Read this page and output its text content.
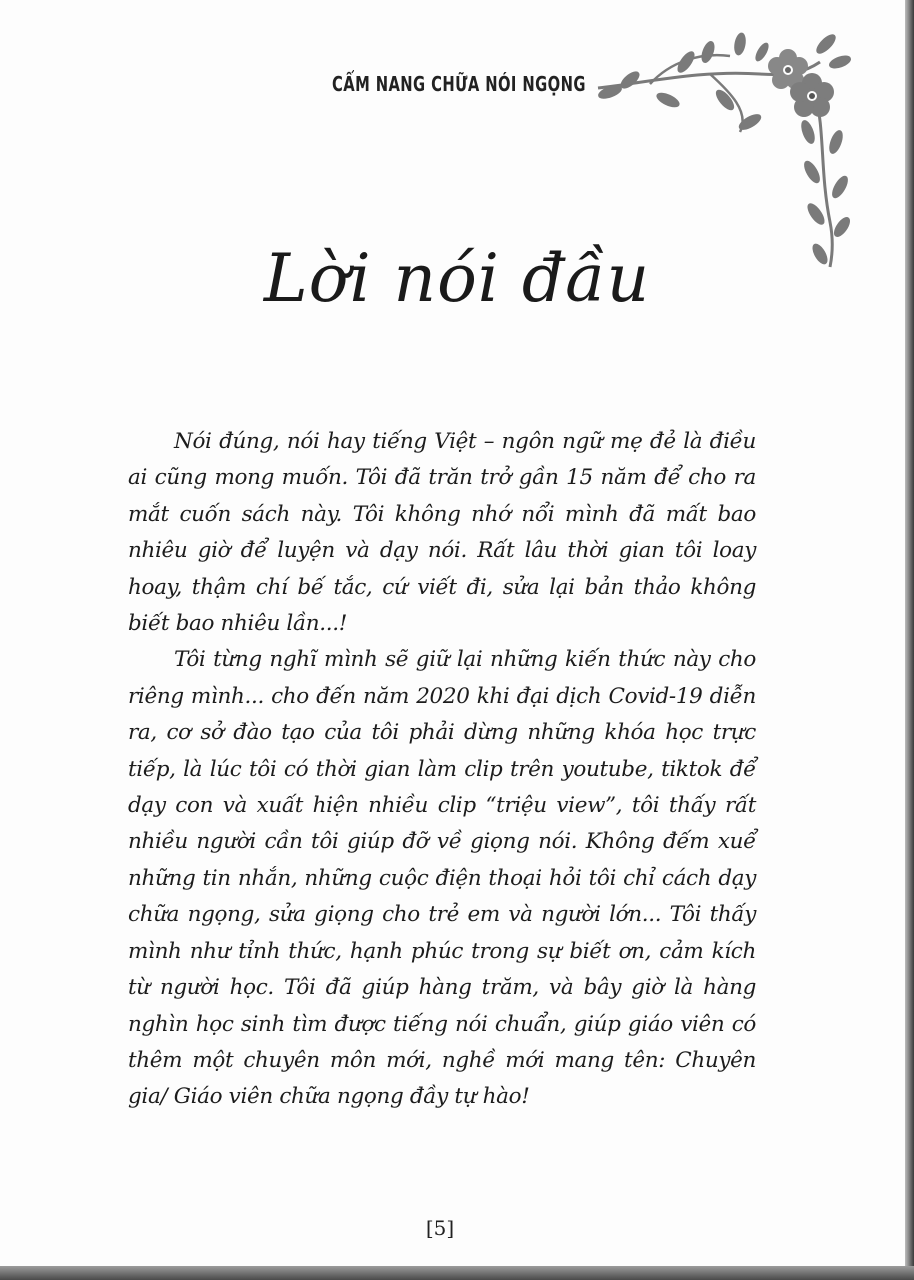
CẨM NANG CHỮA NÓI NGỌNG
Lời nói đầu

Nói đúng, nói hay tiếng Việt – ngôn ngữ mẹ đẻ là điều ai cũng mong muốn. Tôi đã trăn trở gần 15 năm để cho ra mắt cuốn sách này. Tôi không nhớ nổi mình đã mất bao nhiêu giờ để luyện và dạy nói. Rất lâu thời gian tôi loay hoay, thậm chí bế tắc, cứ viết đi, sửa lại bản thảo không biết bao nhiêu lần...!

Tôi từng nghĩ mình sẽ giữ lại những kiến thức này cho riêng mình... cho đến năm 2020 khi đại dịch Covid-19 diễn ra, cơ sở đào tạo của tôi phải dừng những khóa học trực tiếp, là lúc tôi có thời gian làm clip trên youtube, tiktok để dạy con và xuất hiện nhiều clip “triệu view”, tôi thấy rất nhiều người cần tôi giúp đỡ về giọng nói. Không đếm xuể những tin nhắn, những cuộc điện thoại hỏi tôi chỉ cách dạy chữa ngọng, sửa giọng cho trẻ em và người lớn... Tôi thấy mình như tỉnh thức, hạnh phúc trong sự biết ơn, cảm kích từ người học. Tôi đã giúp hàng trăm, và bây giờ là hàng nghìn học sinh tìm được tiếng nói chuẩn, giúp giáo viên có thêm một chuyên môn mới, nghề mới mang tên: Chuyên gia/ Giáo viên chữa ngọng đầy tự hào!

[5]
